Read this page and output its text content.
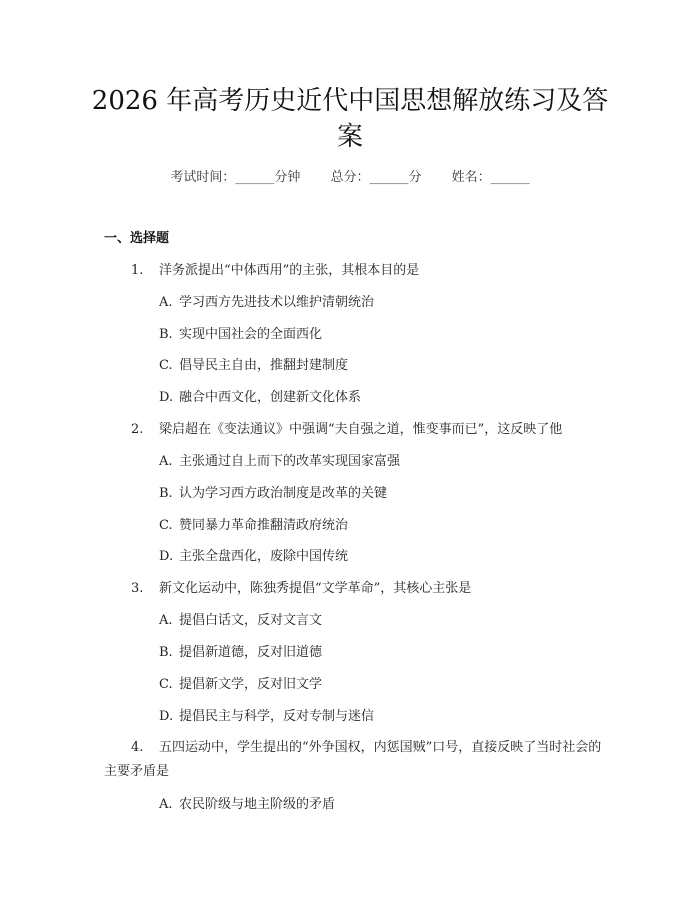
2026 年高考历史近代中国思想解放练习及答
案
考试时间：______分钟 总分：______分 姓名：______
一、选择题
1. 洋务派提出“中体西用”的主张，其根本目的是
A. 学习西方先进技术以维护清朝统治
B. 实现中国社会的全面西化
C. 倡导民主自由，推翻封建制度
D. 融合中西文化，创建新文化体系
2. 梁启超在《变法通议》中强调“夫自强之道，惟变事而已”，这反映了他
A. 主张通过自上而下的改革实现国家富强
B. 认为学习西方政治制度是改革的关键
C. 赞同暴力革命推翻清政府统治
D. 主张全盘西化，废除中国传统
3. 新文化运动中，陈独秀提倡“文学革命”，其核心主张是
A. 提倡白话文，反对文言文
B. 提倡新道德，反对旧道德
C. 提倡新文学，反对旧文学
D. 提倡民主与科学，反对专制与迷信
4. 五四运动中，学生提出的“外争国权，内惩国贼”口号，直接反映了当时社会的主要矛盾是
A. 农民阶级与地主阶级的矛盾
